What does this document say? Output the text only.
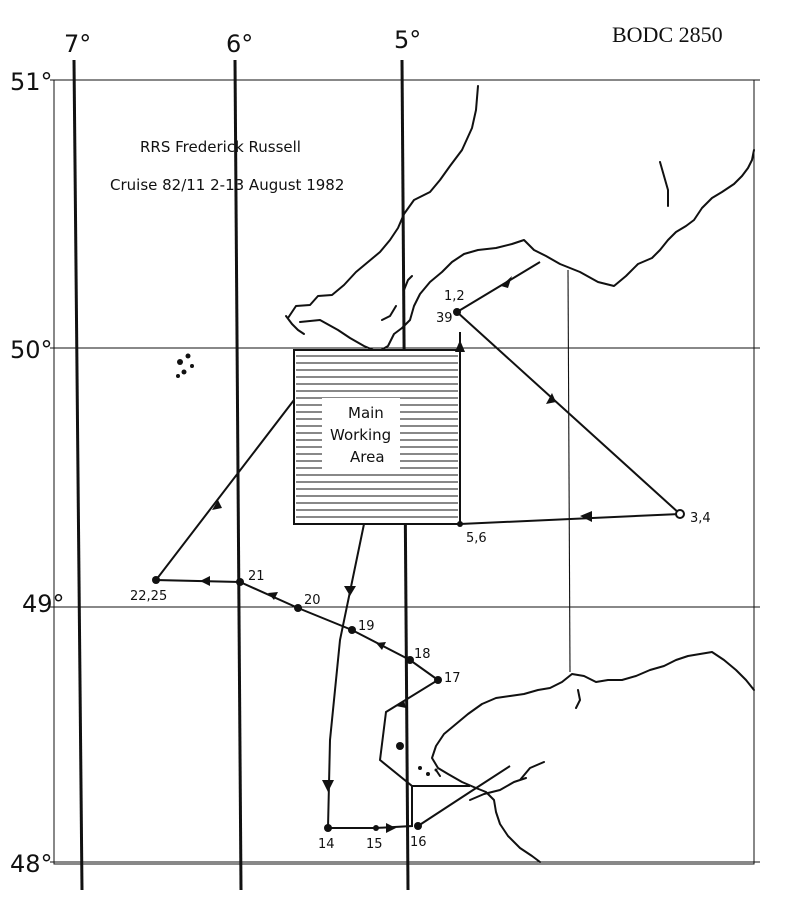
7°	6°	5°
51°
50°
49°
48°
BODC 2850
RRS Frederick Russell
Cruise 82/11 2-13 August 1982
Main
Working
Area
1,2
39
3,4
5,6
21
22,25	20
19
18
17
14 15 16
